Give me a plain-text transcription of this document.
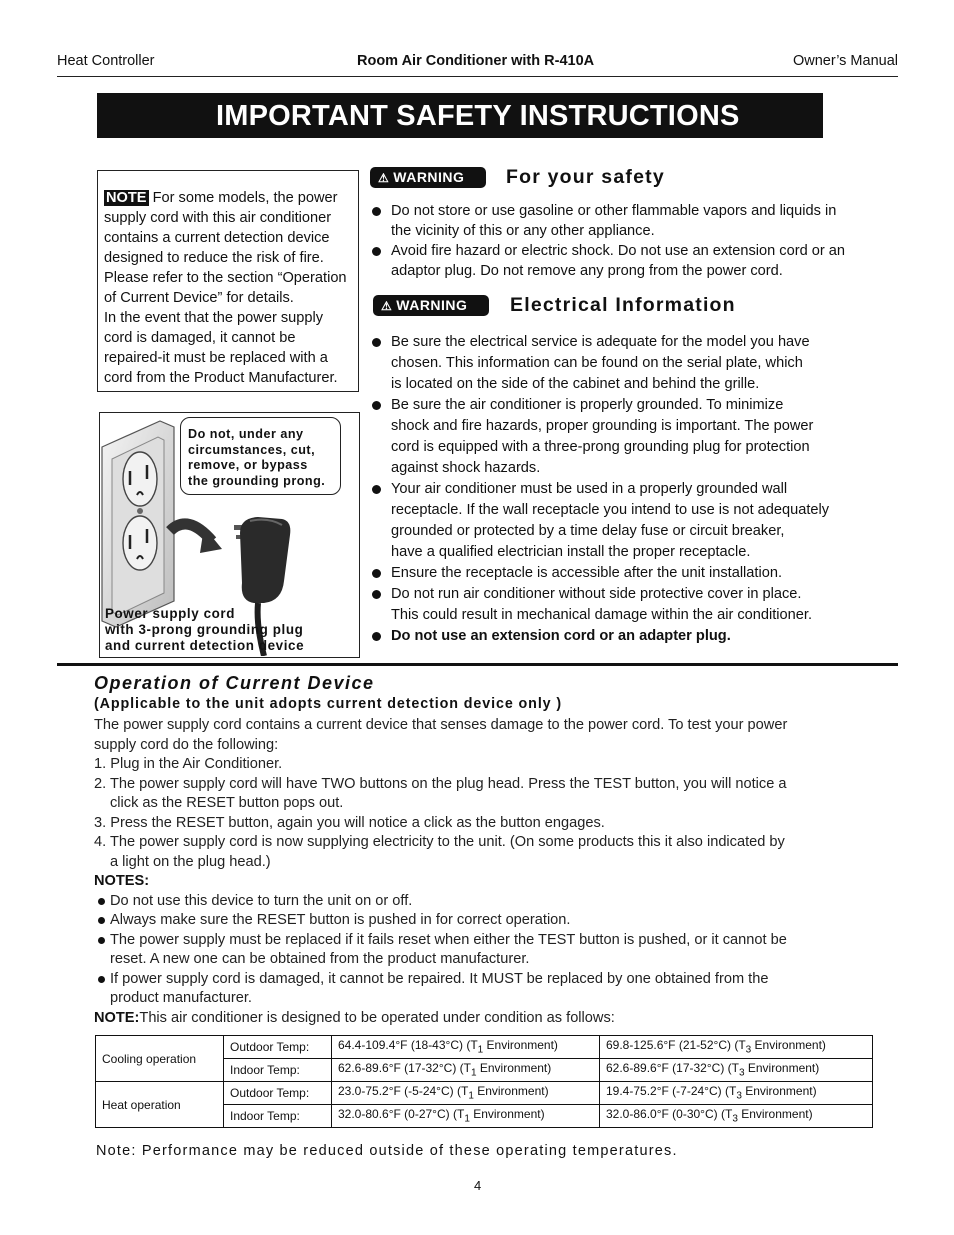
Heat Controller	Room Air Conditioner with R-410A	Owner’s Manual
IMPORTANT SAFETY INSTRUCTIONS
NOTE For some models, the power
supply cord with this air conditioner
contains a current detection device
designed to reduce the risk of fire.
Please refer to the section “Operation
of Current Device” for details.
In the event that the power supply
cord is damaged, it cannot be
repaired-it must be replaced with a
cord from the Product Manufacturer.
Do not, under any
circumstances, cut,
remove, or bypass
the grounding prong.
Power supply cord
with 3-prong grounding plug
and current detection device
⚠ WARNING	For your safety
Do not store or use gasoline or other flammable vapors and liquids in
the vicinity of this or any other appliance.
Avoid fire hazard or electric shock. Do not use an extension cord or an
adaptor plug. Do not remove any prong from the power cord.
⚠ WARNING	Electrical Information
Be sure the electrical service is adequate for the model you have
chosen. This information can be found on the serial plate, which
is located on the side of the cabinet and behind the grille.
Be sure the air conditioner is properly grounded. To minimize
shock and fire hazards, proper grounding is important. The power
cord is equipped with a three-prong grounding plug for protection
against shock hazards.
Your air conditioner must be used in a properly grounded wall
receptacle. If the wall receptacle you intend to use is not adequately
grounded or protected by a time delay fuse or circuit breaker,
have a qualified electrician install the proper receptacle.
Ensure the receptacle is accessible after the unit installation.
Do not run air conditioner without side protective cover in place.
This could result in mechanical damage within the air conditioner.
Do not use an extension cord or an adapter plug.
Operation of Current Device
(Applicable to the unit adopts current detection device only )
The power supply cord contains a current device that senses damage to the power cord. To test your power
supply cord do the following:
1. Plug in the Air Conditioner.
2. The power supply cord will have TWO buttons on the plug head. Press the TEST button, you will notice a
click as the RESET button pops out.
3. Press the RESET button, again you will notice a click as the button engages.
4. The power supply cord is now supplying electricity to the unit. (On some products this it also indicated by
a light on the plug head.)
NOTES:
Do not use this device to turn the unit on or off.
Always make sure the RESET button is pushed in for correct operation.
The power supply must be replaced if it fails reset when either the TEST button is pushed, or it cannot be
reset. A new one can be obtained from the product manufacturer.
If power supply cord is damaged, it cannot be repaired. It MUST be replaced by one obtained from the
product manufacturer.
NOTE:This air conditioner is designed to be operated under condition as follows:
Cooling operation	Outdoor Temp:	64.4-109.4°F (18-43°C) ($T_1$ Environment)	69.8-125.6°F (21-52°C) ($T_3$ Environment)
	Indoor Temp:	62.6-89.6°F (17-32°C) ($T_1$ Environment)	62.6-89.6°F (17-32°C) ($T_3$ Environment)
Heat operation	Outdoor Temp:	23.0-75.2°F (-5-24°C) ($T_1$ Environment)	19.4-75.2°F (-7-24°C) ($T_3$ Environment)
	Indoor Temp:	32.0-80.6°F (0-27°C) ($T_1$ Environment)	32.0-86.0°F (0-30°C) ($T_3$ Environment)
Note: Performance may be reduced outside of these operating temperatures.
4
